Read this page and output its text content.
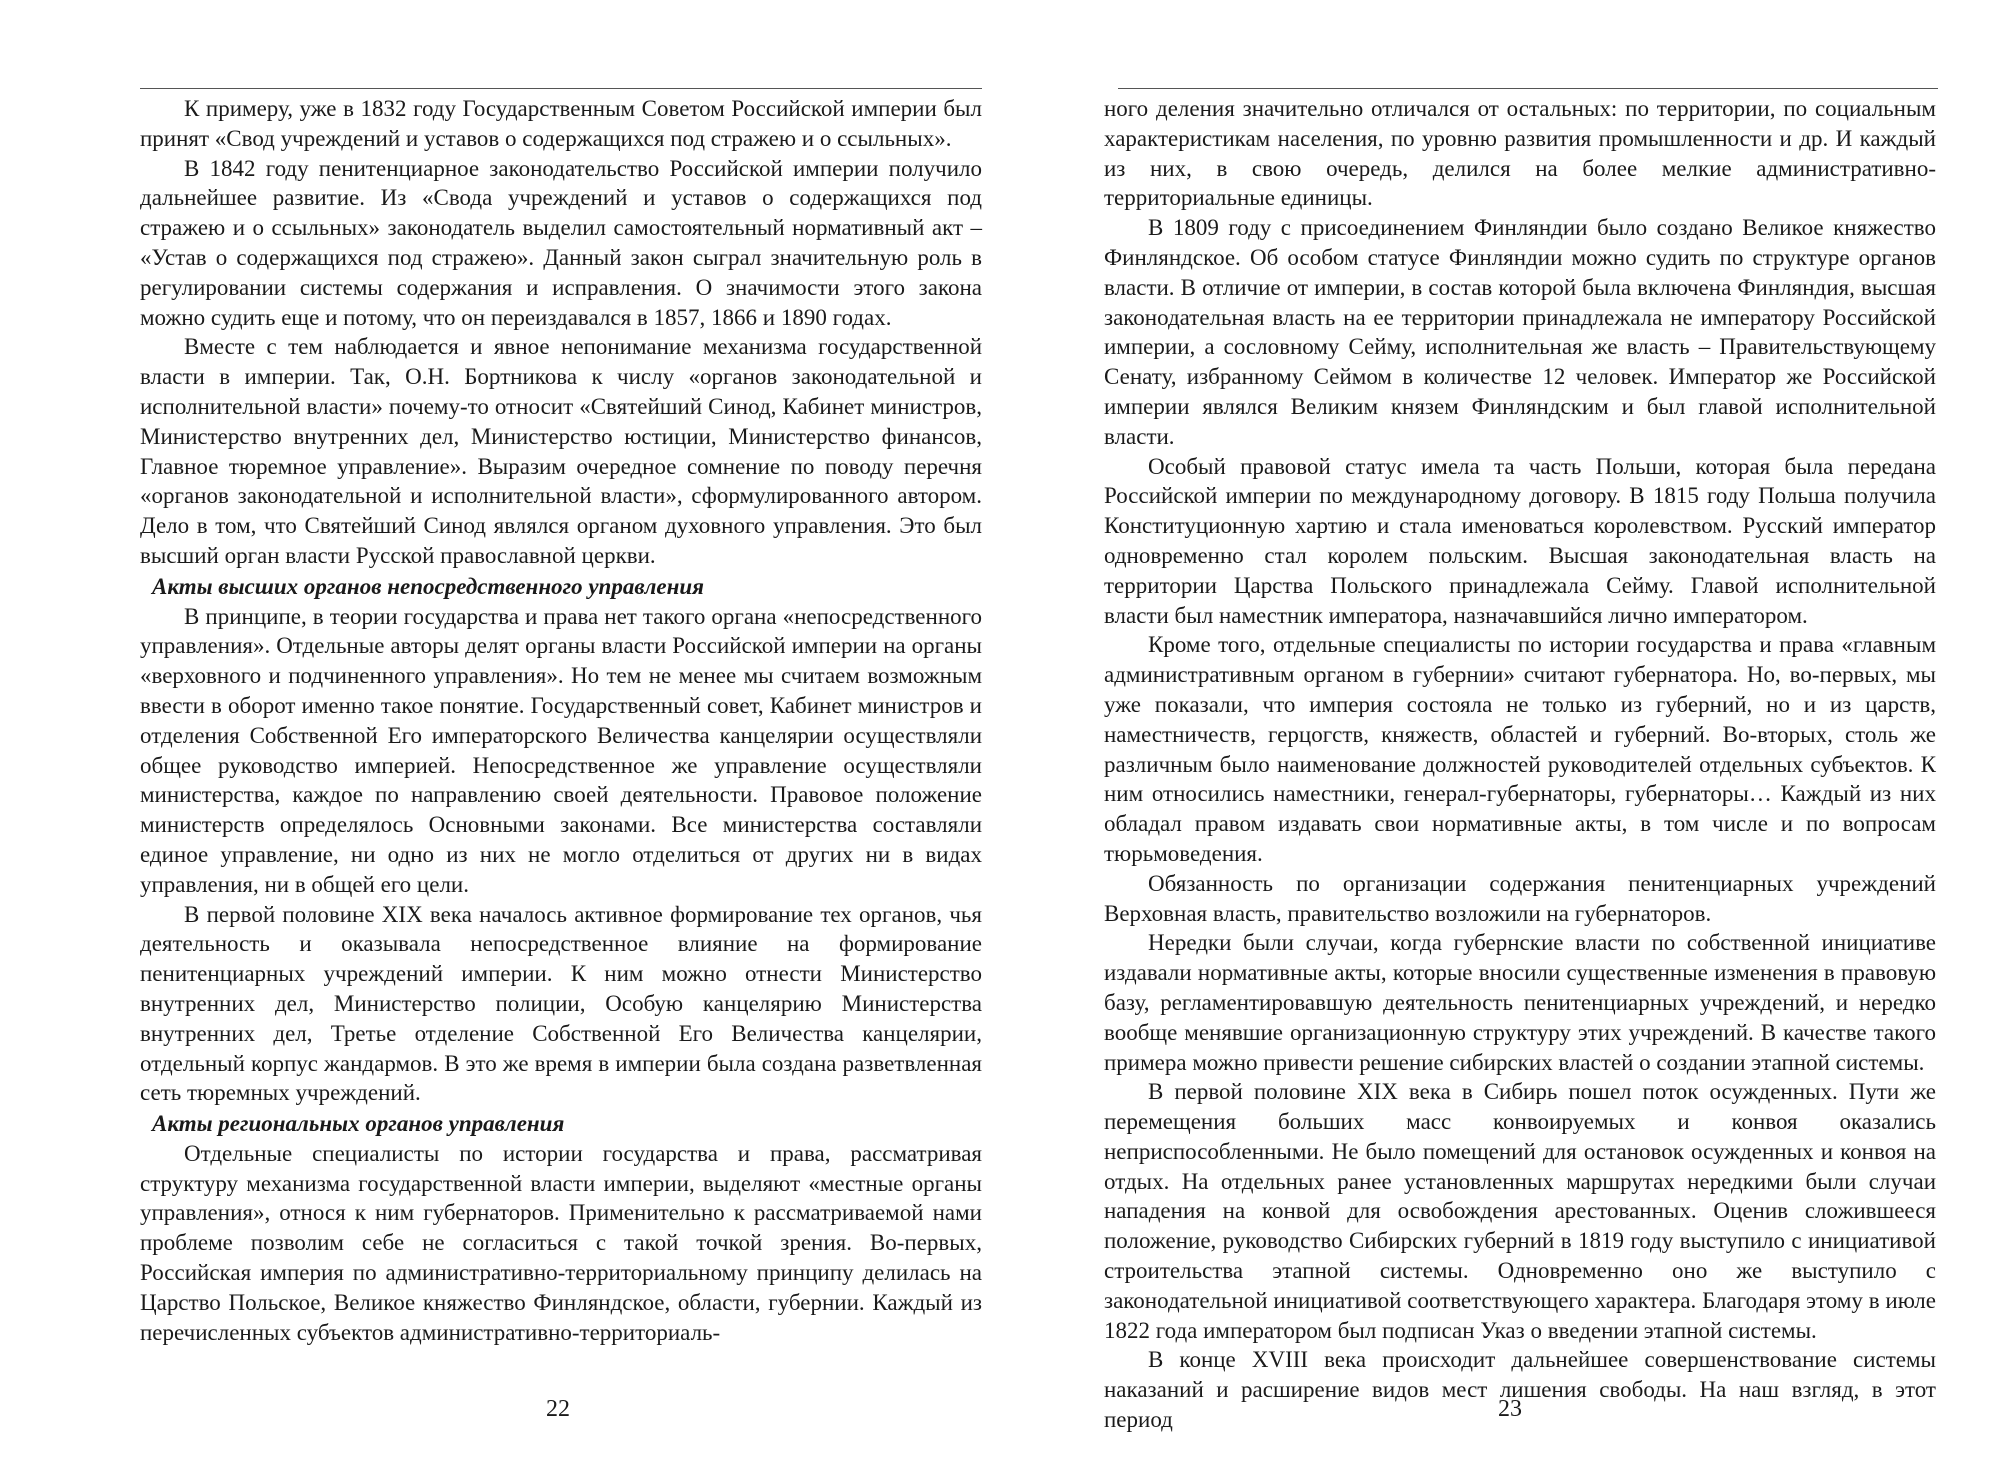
К примеру, уже в 1832 году Государственным Советом Российской империи был принят «Свод учреждений и уставов о содержащихся под стражею и о ссыльных».

В 1842 году пенитенциарное законодательство Российской империи получило дальнейшее развитие. Из «Свода учреждений и уставов о содержащихся под стражею и о ссыльных» законодатель выделил самостоятельный нормативный акт – «Устав о содержащихся под стражею». Данный закон сыграл значительную роль в регулировании системы содержания и исправления. О значимости этого закона можно судить еще и потому, что он переиздавался в 1857, 1866 и 1890 годах.

Вместе с тем наблюдается и явное непонимание механизма государственной власти в империи. Так, О.Н. Бортникова к числу «органов законодательной и исполнительной власти» почему-то относит «Святейший Синод, Кабинет министров, Министерство внутренних дел, Министерство юстиции, Министерство финансов, Главное тюремное управление». Выразим очередное сомнение по поводу перечня «органов законодательной и исполнительной власти», сформулированного автором. Дело в том, что Святейший Синод являлся органом духовного управления. Это был высший орган власти Русской православной церкви.

Акты высших органов непосредственного управления

В принципе, в теории государства и права нет такого органа «непосредственного управления». Отдельные авторы делят органы власти Российской империи на органы «верховного и подчиненного управления». Но тем не менее мы считаем возможным ввести в оборот именно такое понятие. Государственный совет, Кабинет министров и отделения Собственной Его императорского Величества канцелярии осуществляли общее руководство империей. Непосредственное же управление осуществляли министерства, каждое по направлению своей деятельности. Правовое положение министерств определялось Основными законами. Все министерства составляли единое управление, ни одно из них не могло отделиться от других ни в видах управления, ни в общей его цели.

В первой половине XIX века началось активное формирование тех органов, чья деятельность и оказывала непосредственное влияние на формирование пенитенциарных учреждений империи. К ним можно отнести Министерство внутренних дел, Министерство полиции, Особую канцелярию Министерства внутренних дел, Третье отделение Собственной Его Величества канцелярии, отдельный корпус жандармов. В это же время в империи была создана разветвленная сеть тюремных учреждений.

Акты региональных органов управления

Отдельные специалисты по истории государства и права, рассматривая структуру механизма государственной власти империи, выделяют «местные органы управления», относя к ним губернаторов. Применительно к рассматриваемой нами проблеме позволим себе не согласиться с такой точкой зрения. Во-первых, Российская империя по административно-территориальному принципу делилась на Царство Польское, Великое княжество Финляндское, области, губернии. Каждый из перечисленных субъектов административно-территориаль-

22

ного деления значительно отличался от остальных: по территории, по социальным характеристикам населения, по уровню развития промышленности и др. И каждый из них, в свою очередь, делился на более мелкие административно-территориальные единицы.

В 1809 году с присоединением Финляндии было создано Великое княжество Финляндское. Об особом статусе Финляндии можно судить по структуре органов власти. В отличие от империи, в состав которой была включена Финляндия, высшая законодательная власть на ее территории принадлежала не императору Российской империи, а сословному Сейму, исполнительная же власть – Правительствующему Сенату, избранному Сеймом в количестве 12 человек. Император же Российской империи являлся Великим князем Финляндским и был главой исполнительной власти.

Особый правовой статус имела та часть Польши, которая была передана Российской империи по международному договору. В 1815 году Польша получила Конституционную хартию и стала именоваться королевством. Русский император одновременно стал королем польским. Высшая законодательная власть на территории Царства Польского принадлежала Сейму. Главой исполнительной власти был наместник императора, назначавшийся лично императором.

Кроме того, отдельные специалисты по истории государства и права «главным административным органом в губернии» считают губернатора. Но, во-первых, мы уже показали, что империя состояла не только из губерний, но и из царств, наместничеств, герцогств, княжеств, областей и губерний. Во-вторых, столь же различным было наименование должностей руководителей отдельных субъектов. К ним относились наместники, генерал-губернаторы, губернаторы… Каждый из них обладал правом издавать свои нормативные акты, в том числе и по вопросам тюрьмоведения.

Обязанность по организации содержания пенитенциарных учреждений Верховная власть, правительство возложили на губернаторов.

Нередки были случаи, когда губернские власти по собственной инициативе издавали нормативные акты, которые вносили существенные изменения в правовую базу, регламентировавшую деятельность пенитенциарных учреждений, и нередко вообще менявшие организационную структуру этих учреждений. В качестве такого примера можно привести решение сибирских властей о создании этапной системы.

В первой половине XIX века в Сибирь пошел поток осужденных. Пути же перемещения больших масс конвоируемых и конвоя оказались неприспособленными. Не было помещений для остановок осужденных и конвоя на отдых. На отдельных ранее установленных маршрутах нередкими были случаи нападения на конвой для освобождения арестованных. Оценив сложившееся положение, руководство Сибирских губерний в 1819 году выступило с инициативой строительства этапной системы. Одновременно оно же выступило с законодательной инициативой соответствующего характера. Благодаря этому в июле 1822 года императором был подписан Указ о введении этапной системы.

В конце XVIII века происходит дальнейшее совершенствование системы наказаний и расширение видов мест лишения свободы. На наш взгляд, в этот период	23
